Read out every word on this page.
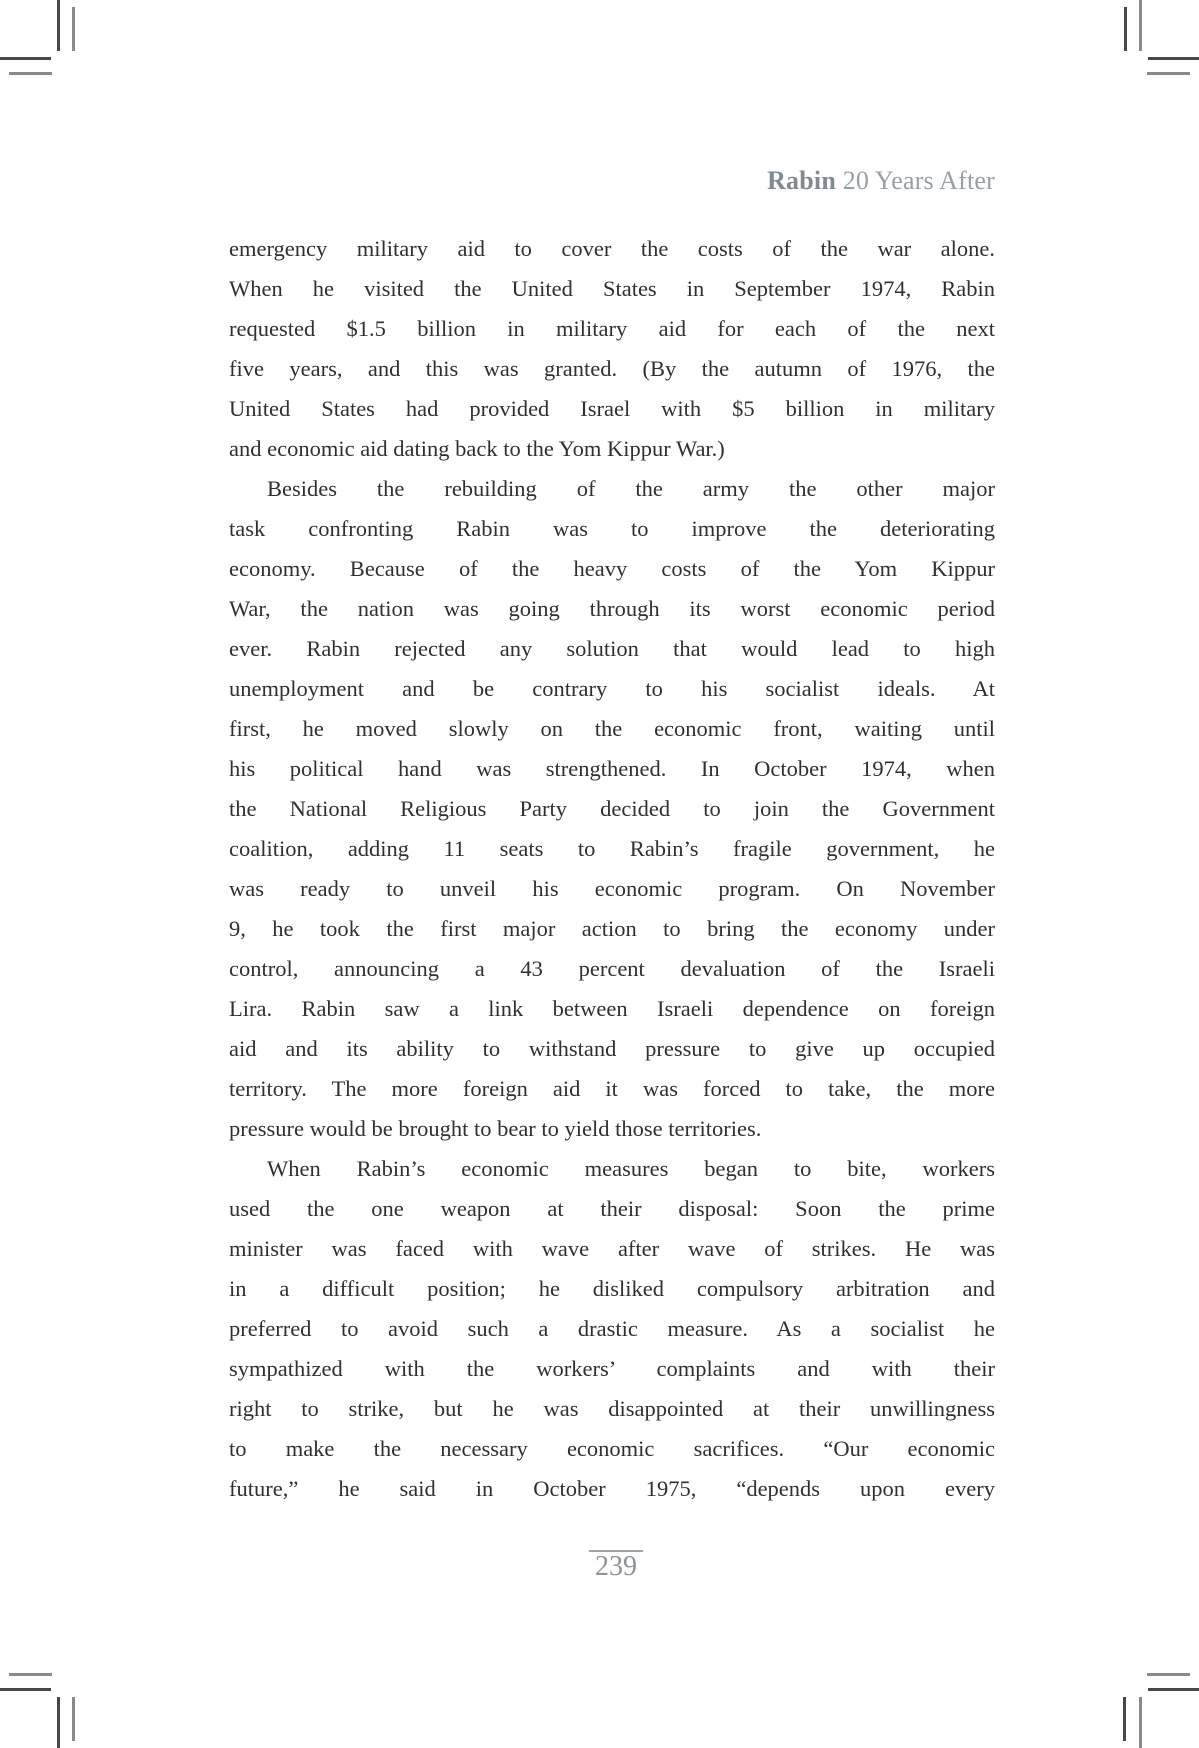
Rabin 20 Years After
emergency military aid to cover the costs of the war alone.
When he visited the United States in September 1974, Rabin
requested $1.5 billion in military aid for each of the next
five years, and this was granted. (By the autumn of 1976, the
United States had provided Israel with $5 billion in military
and economic aid dating back to the Yom Kippur War.)
Besides the rebuilding of the army the other major
task confronting Rabin was to improve the deteriorating
economy. Because of the heavy costs of the Yom Kippur
War, the nation was going through its worst economic period
ever. Rabin rejected any solution that would lead to high
unemployment and be contrary to his socialist ideals. At
first, he moved slowly on the economic front, waiting until
his political hand was strengthened. In October 1974, when
the National Religious Party decided to join the Government
coalition, adding 11 seats to Rabin’s fragile government, he
was ready to unveil his economic program. On November
9, he took the first major action to bring the economy under
control, announcing a 43 percent devaluation of the Israeli
Lira. Rabin saw a link between Israeli dependence on foreign
aid and its ability to withstand pressure to give up occupied
territory. The more foreign aid it was forced to take, the more
pressure would be brought to bear to yield those territories.
When Rabin’s economic measures began to bite, workers
used the one weapon at their disposal: Soon the prime
minister was faced with wave after wave of strikes. He was
in a difficult position; he disliked compulsory arbitration and
preferred to avoid such a drastic measure. As a socialist he
sympathized with the workers’ complaints and with their
right to strike, but he was disappointed at their unwillingness
to make the necessary economic sacrifices. “Our economic
future,” he said in October 1975, “depends upon every
239
